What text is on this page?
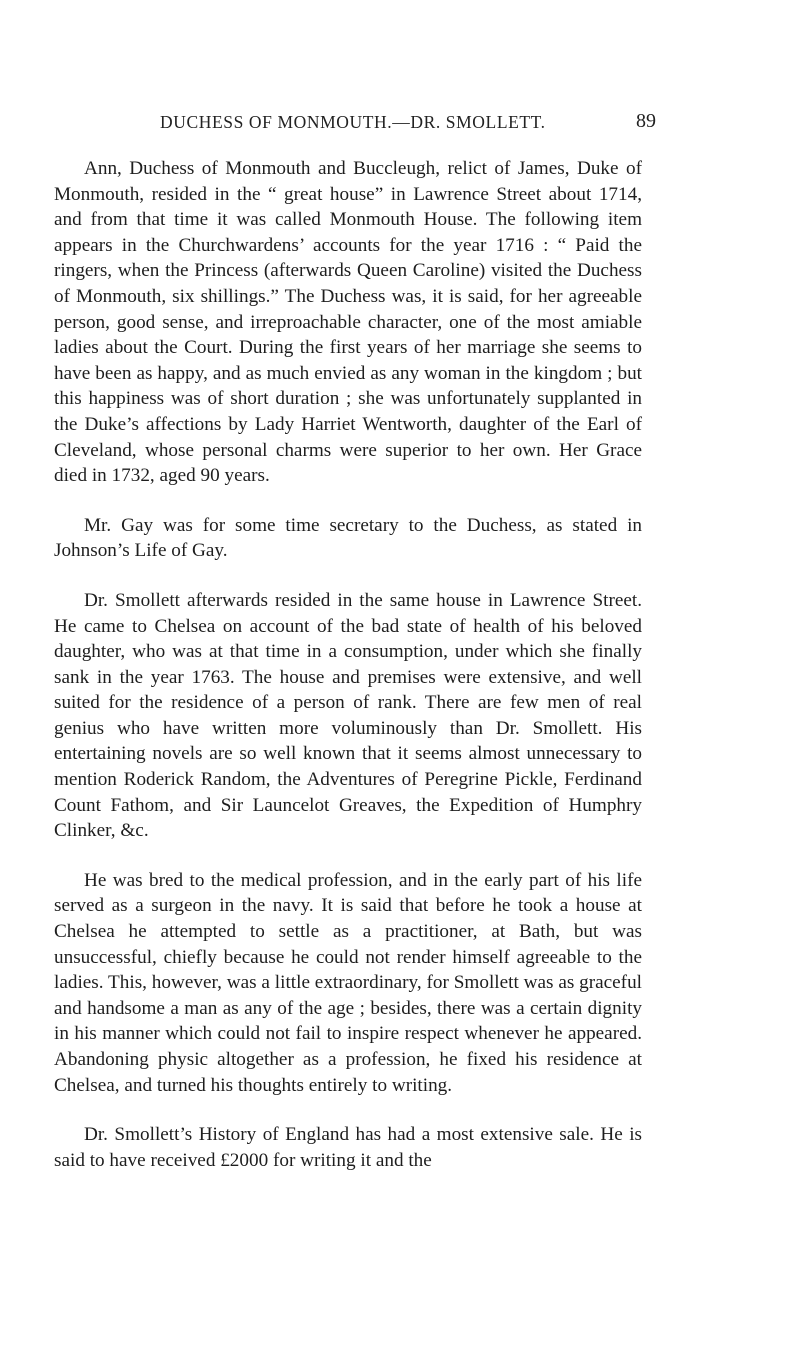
DUCHESS OF MONMOUTH.—DR. SMOLLETT.	89

Ann, Duchess of Monmouth and Buccleugh, relict of James, Duke of Monmouth, resided in the “ great house” in Lawrence Street about 1714, and from that time it was called Monmouth House. The following item appears in the Churchwardens’ accounts for the year 1716 : “ Paid the ringers, when the Princess (afterwards Queen Caroline) visited the Duchess of Monmouth, six shillings.” The Duchess was, it is said, for her agreeable person, good sense, and irreproachable character, one of the most amiable ladies about the Court. During the first years of her marriage she seems to have been as happy, and as much envied as any woman in the kingdom ; but this happiness was of short duration ; she was unfortunately supplanted in the Duke’s affections by Lady Harriet Wentworth, daughter of the Earl of Cleveland, whose personal charms were superior to her own. Her Grace died in 1732, aged 90 years.

Mr. Gay was for some time secretary to the Duchess, as stated in Johnson’s Life of Gay.

Dr. Smollett afterwards resided in the same house in Lawrence Street. He came to Chelsea on account of the bad state of health of his beloved daughter, who was at that time in a consumption, under which she finally sank in the year 1763. The house and premises were extensive, and well suited for the residence of a person of rank. There are few men of real genius who have written more voluminously than Dr. Smollett. His entertaining novels are so well known that it seems almost unnecessary to mention Roderick Random, the Adventures of Peregrine Pickle, Ferdinand Count Fathom, and Sir Launcelot Greaves, the Expedition of Humphry Clinker, &c.

He was bred to the medical profession, and in the early part of his life served as a surgeon in the navy. It is said that before he took a house at Chelsea he attempted to settle as a practitioner, at Bath, but was unsuccessful, chiefly because he could not render himself agreeable to the ladies. This, however, was a little extraordinary, for Smollett was as graceful and handsome a man as any of the age ; besides, there was a certain dignity in his manner which could not fail to inspire respect whenever he appeared. Abandoning physic altogether as a profession, he fixed his residence at Chelsea, and turned his thoughts entirely to writing.

Dr. Smollett’s History of England has had a most extensive sale. He is said to have received £2000 for writing it and the
